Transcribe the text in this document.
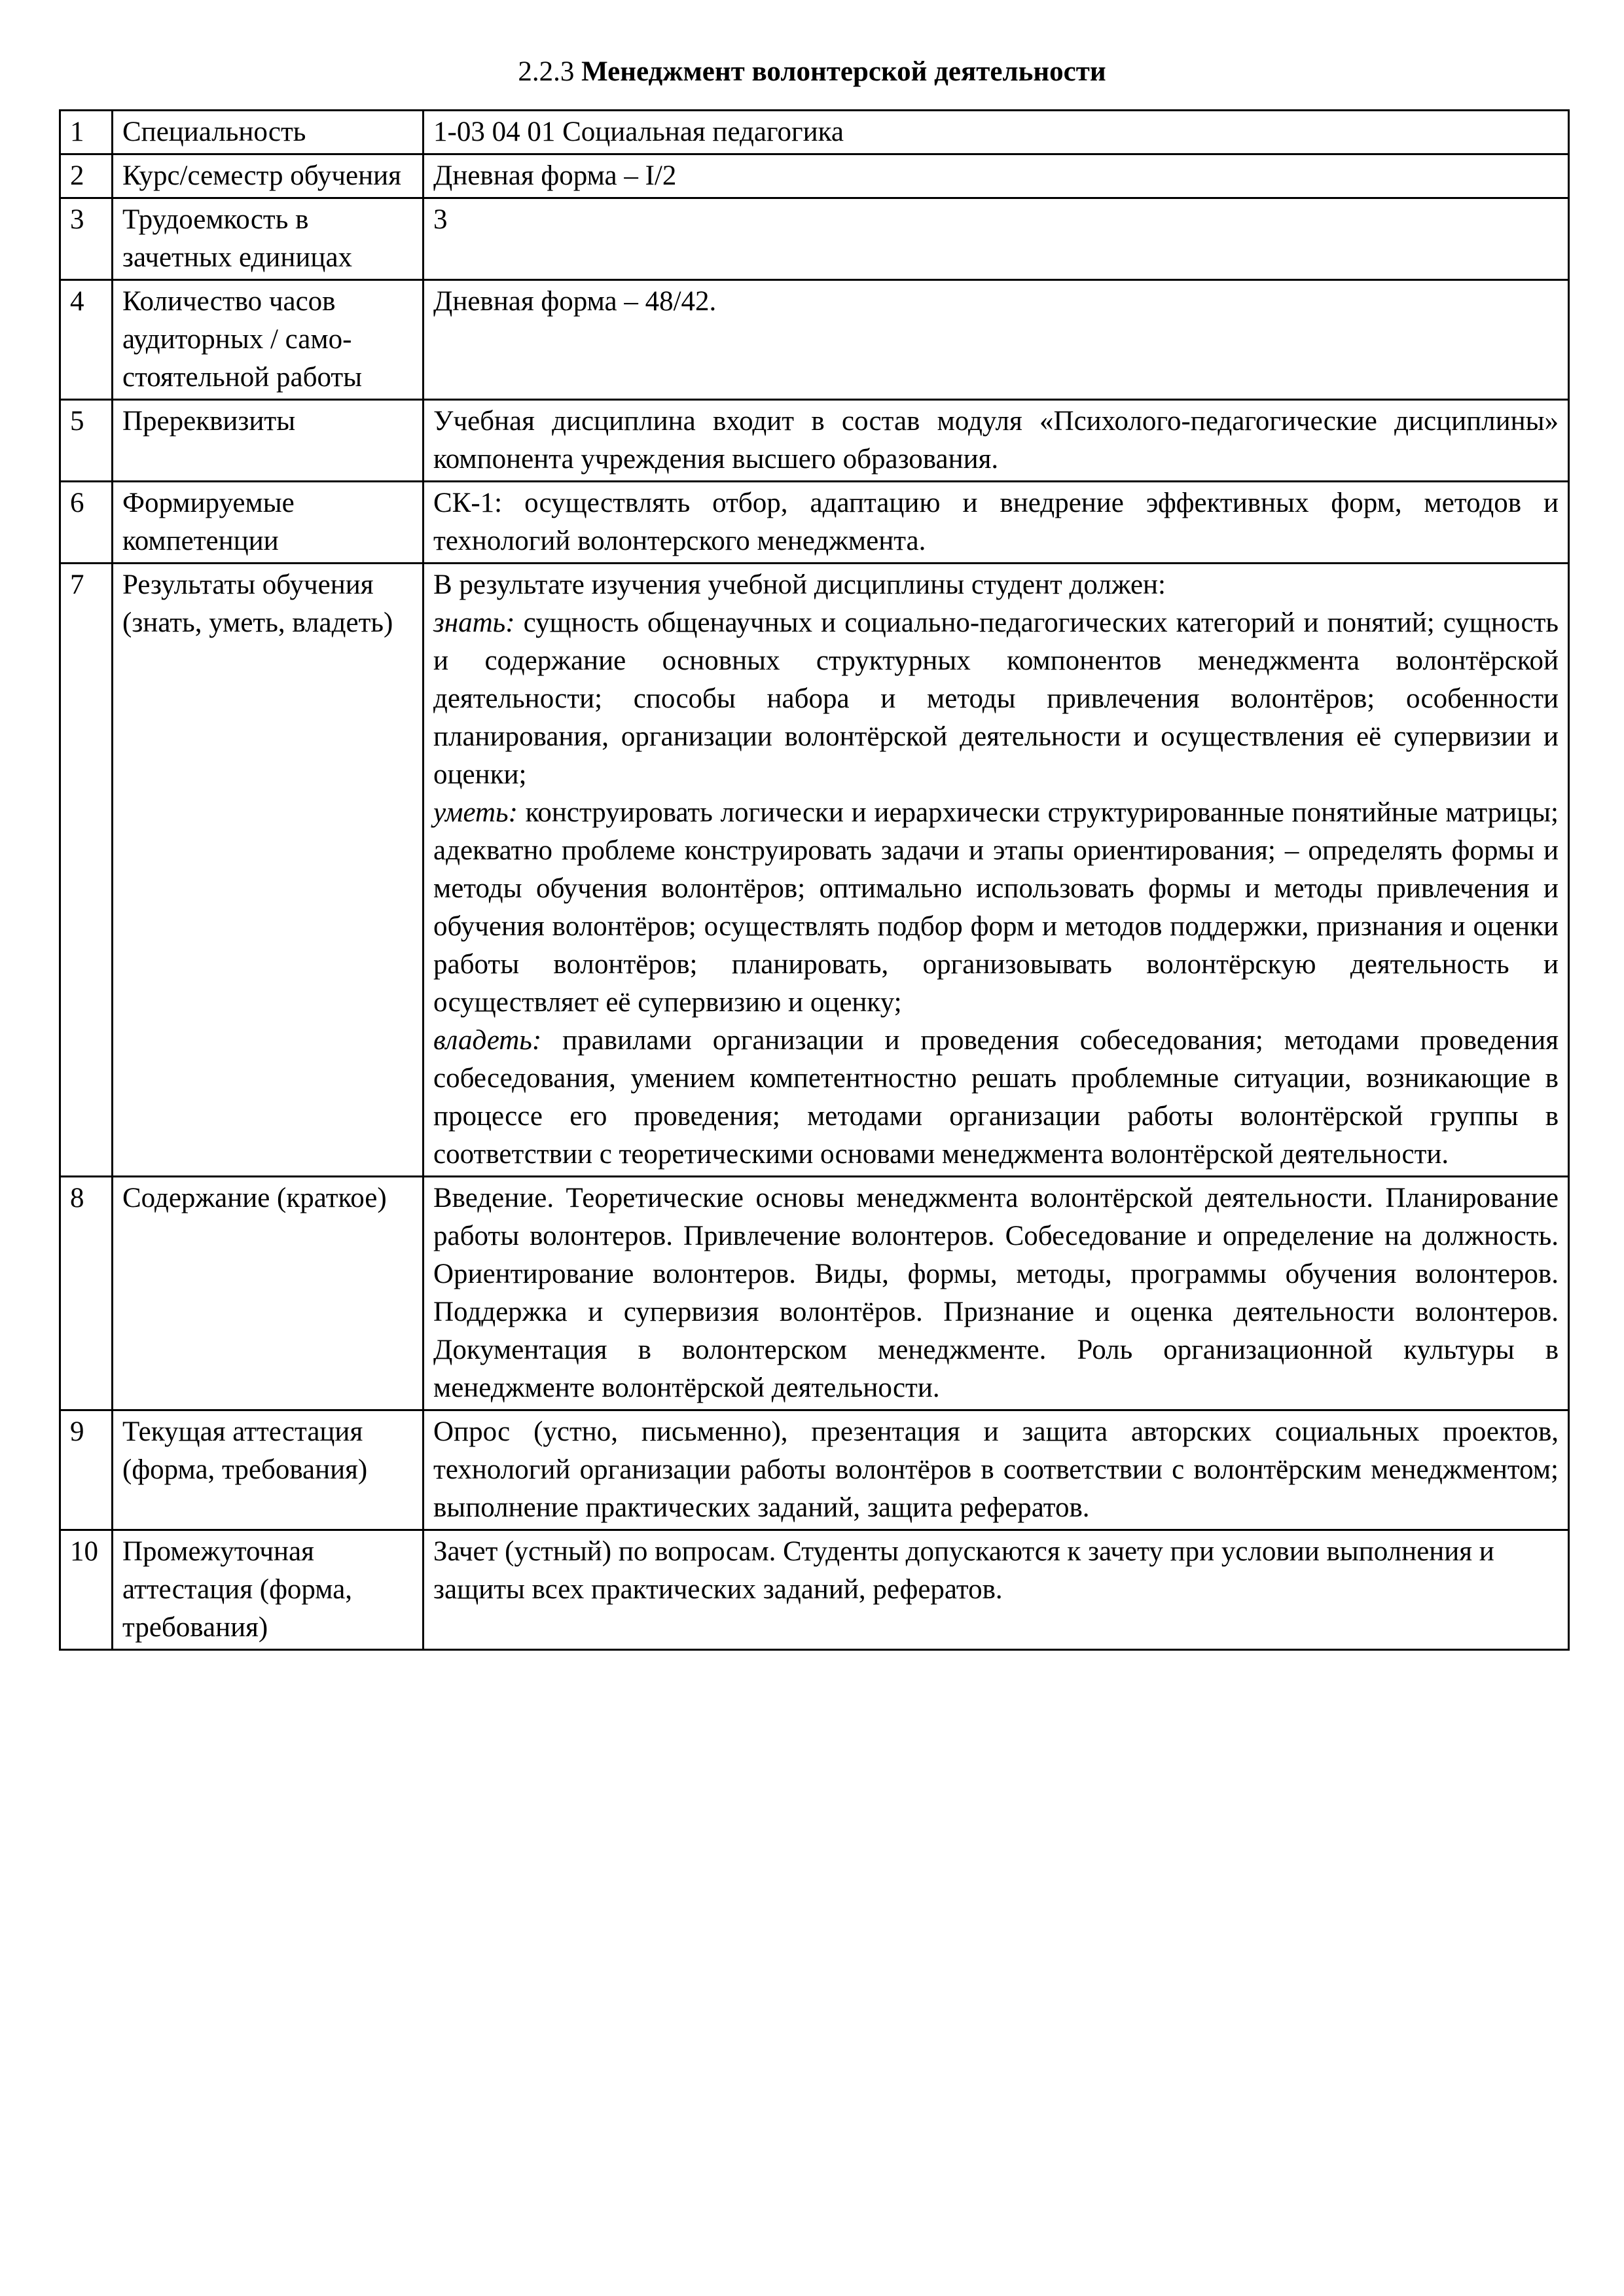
2.2.3 Менеджмент волонтерской деятельности
1	Специальность	1-03 04 01 Социальная педагогика
2	Курс/семестр обучения	Дневная форма – I/2
3	Трудоемкость в зачетных единицах	3
4	Количество часов аудиторных / само-стоятельной работы	Дневная форма – 48/42.
5	Пререквизиты	Учебная дисциплина входит в состав модуля «Психолого-педагогические дисциплины» компонента учреждения высшего образования.
6	Формируемые компетенции	СК-1: осуществлять отбор, адаптацию и внедрение эффективных форм, методов и технологий волонтерского менеджмента.
7	Результаты обучения (знать, уметь, владеть)	В результате изучения учебной дисциплины студент должен:
знать: сущность общенаучных и социально-педагогических категорий и понятий; сущность и содержание основных структурных компонентов менеджмента волонтёрской деятельности; способы набора и методы привлечения волонтёров; особенности планирования, организации волонтёрской деятельности и осуществления её супервизии и оценки;
уметь: конструировать логически и иерархически структурированные понятийные матрицы; адекватно проблеме конструировать задачи и этапы ориентирования; – определять формы и методы обучения волонтёров; оптимально использовать формы и методы привлечения и обучения волонтёров; осуществлять подбор форм и методов поддержки, признания и оценки работы волонтёров; планировать, организовывать волонтёрскую деятельность и осуществляет её супервизию и оценку;
владеть: правилами организации и проведения собеседования; методами проведения собеседования, умением компетентностно решать проблемные ситуации, возникающие в процессе его проведения; методами организации работы волонтёрской группы в соответствии с теоретическими основами менеджмента волонтёрской деятельности.

8	Содержание (краткое)	Введение. Теоретические основы менеджмента волонтёрской деятельности. Планирование работы волонтеров. Привлечение волонтеров. Собеседование и определение на должность. Ориентирование волонтеров. Виды, формы, методы, программы обучения волонтеров. Поддержка и супервизия волонтёров. Признание и оценка деятельности волонтеров. Документация в волонтерском менеджменте. Роль организационной культуры в менеджменте волонтёрской деятельности.
9	Текущая аттестация (форма, требования)	Опрос (устно, письменно), презентация и защита авторских социальных проектов, технологий организации работы волонтёров в соответствии с волонтёрским менеджментом; выполнение практических заданий, защита рефератов.
10	Промежуточная аттестация (форма, требования)	Зачет (устный) по вопросам. Студенты допускаются к зачету при условии выполнения и защиты всех практических заданий, рефератов.
